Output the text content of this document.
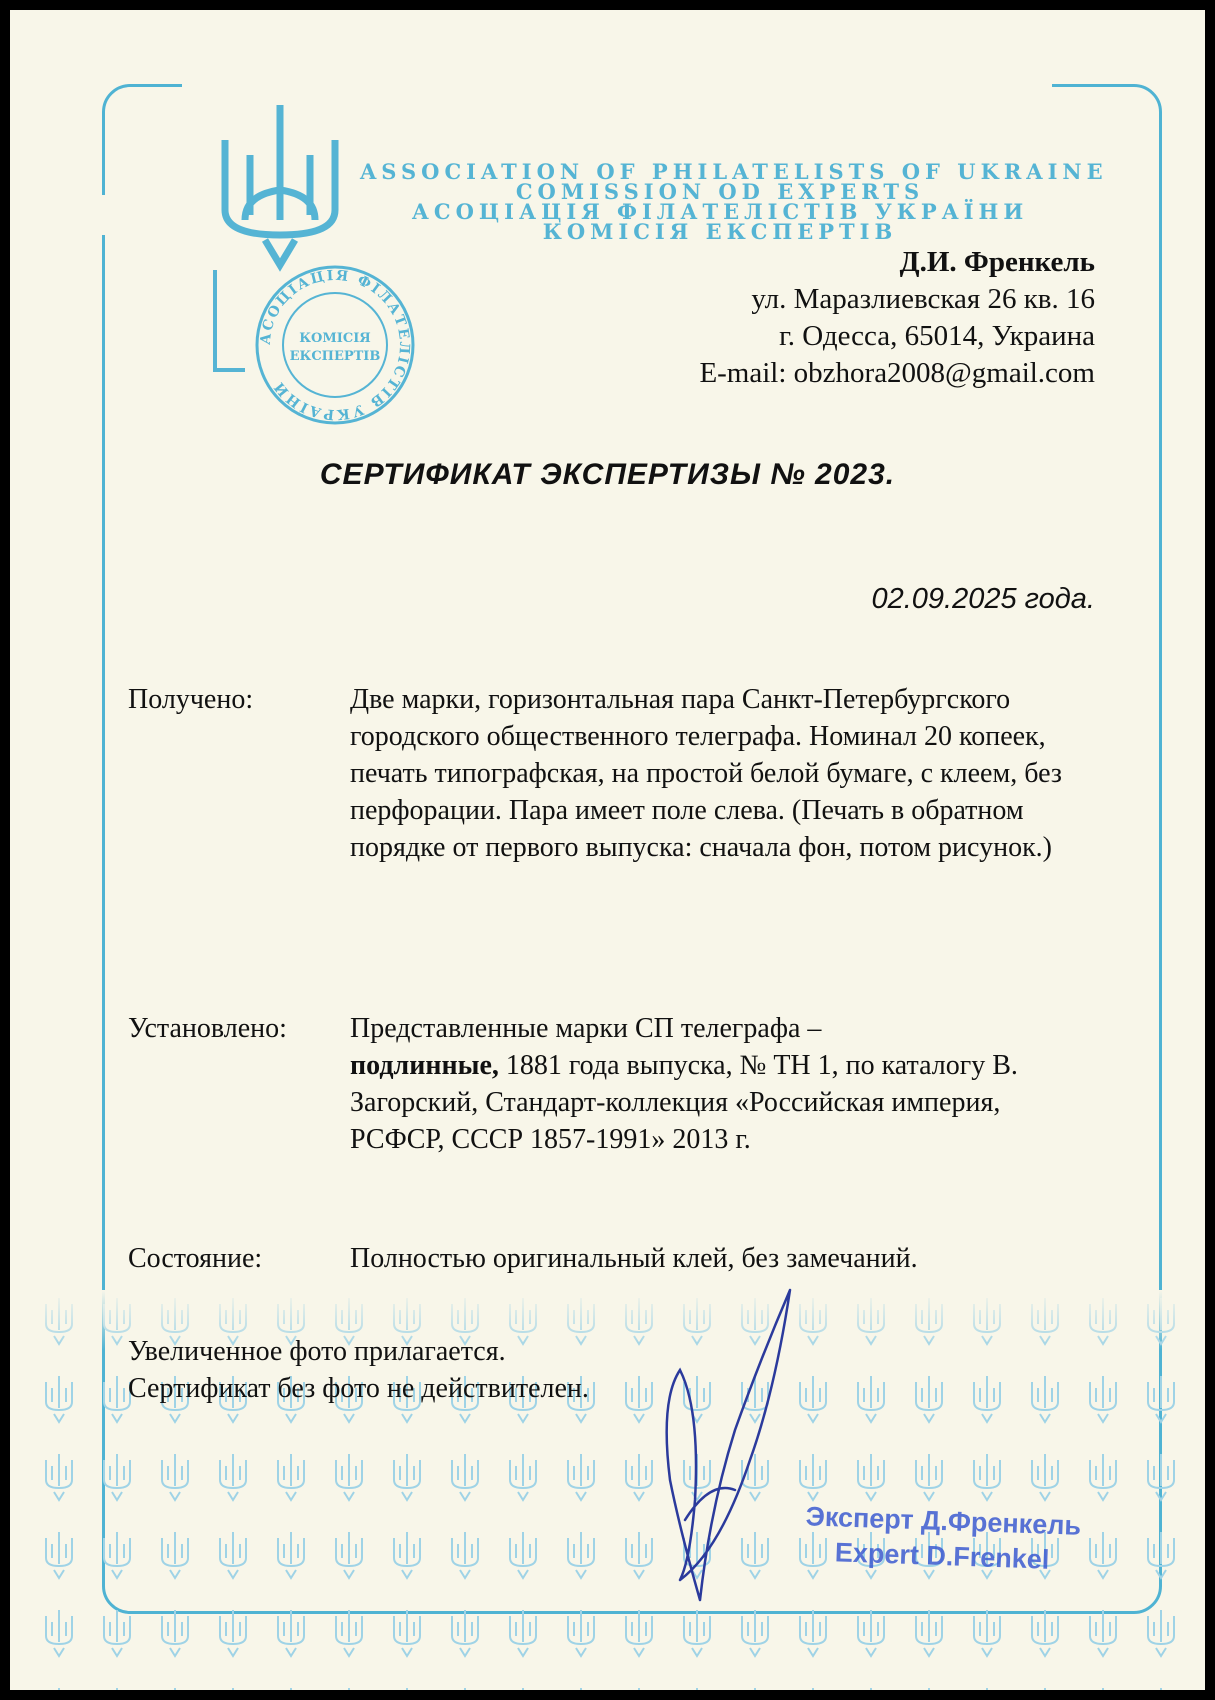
АСОЦІАЦІЯ ФІЛАТЕЛІСТІВ УКРАЇНИ
КОМІСІЯ
ЕКСПЕРТІВ
ASSOCIATION OF PHILATELISTS OF UKRAINE
COMISSION OD EXPERTS
АСОЦІАЦІЯ ФІЛАТЕЛІСТІВ УКРАЇНИ
КОМІСІЯ ЕКСПЕРТІВ
Д.И. Френкель
ул. Маразлиевская 26 кв. 16
г. Одесса, 65014, Украина
E-mail: obzhora2008@gmail.com
СЕРТИФИКАТ ЭКСПЕРТИЗЫ № 2023.
02.09.2025 года.
Получено:	Две марки, горизонтальная пара Санкт-Петербургского городского общественного телеграфа. Номинал 20 копеек, печать типографская, на простой белой бумаге, с клеем, без перфорации. Пара имеет поле слева. (Печать в обратном порядке от первого выпуска: сначала фон, потом рисунок.)
Установлено: Представленные марки СП телеграфа –
подлинные, 1881 года выпуска, № ТН 1, по каталогу В. Загорский, Стандарт-коллекция «Российская империя, РСФСР, СССР 1857-1991» 2013 г.
Состояние:	Полностью оригинальный клей, без замечаний.
Увеличенное фото прилагается.
Сертификат без фото не действителен.
Эксперт Д.Френкель
Expert D.Frenkel
